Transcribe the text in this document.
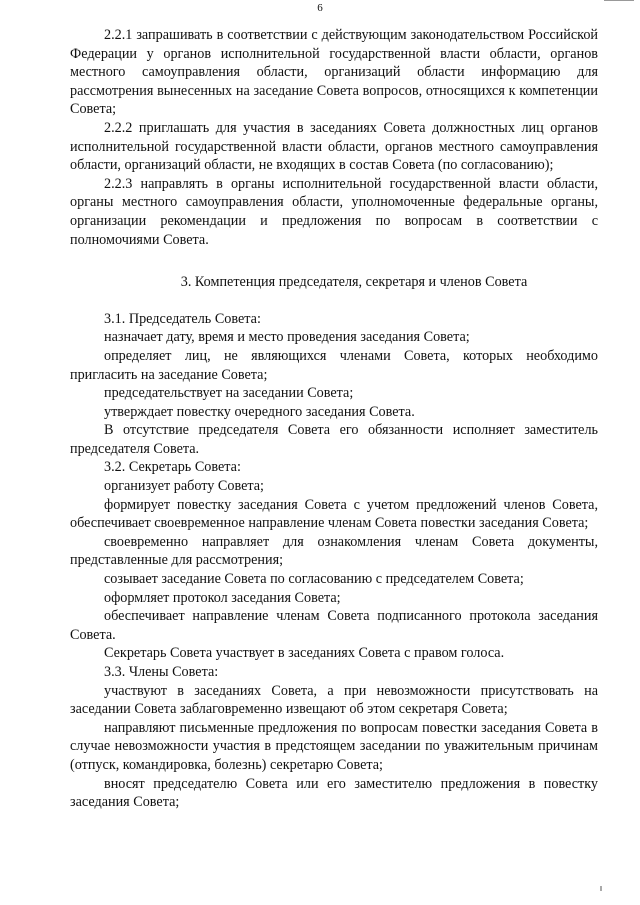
6

2.2.1 запрашивать в соответствии с действующим законодательством Российской Федерации у органов исполнительной государственной власти области, органов местного самоуправления области, организаций области информацию для рассмотрения вынесенных на заседание Совета вопросов, относящихся к компетенции Совета;

2.2.2 приглашать для участия в заседаниях Совета должностных лиц органов исполнительной государственной власти области, органов местного самоуправления области, организаций области, не входящих в состав Совета (по согласованию);

2.2.3 направлять в органы исполнительной государственной власти области, органы местного самоуправления области, уполномоченные федеральные органы, организации рекомендации и предложения по вопросам в соответствии с полномочиями Совета.

3. Компетенция председателя, секретаря и членов Совета

3.1. Председатель Совета:

назначает дату, время и место проведения заседания Совета;

определяет лиц, не являющихся членами Совета, которых необходимо пригласить на заседание Совета;

председательствует на заседании Совета;

утверждает повестку очередного заседания Совета.

В отсутствие председателя Совета его обязанности исполняет заместитель председателя Совета.

3.2. Секретарь Совета:

организует работу Совета;

формирует повестку заседания Совета с учетом предложений членов Совета, обеспечивает своевременное направление членам Совета повестки заседания Совета;

своевременно направляет для ознакомления членам Совета документы, представленные для рассмотрения;

созывает заседание Совета по согласованию с председателем Совета;

оформляет протокол заседания Совета;

обеспечивает направление членам Совета подписанного протокола заседания Совета.

Секретарь Совета участвует в заседаниях Совета с правом голоса.

3.3. Члены Совета:

участвуют в заседаниях Совета, а при невозможности присутствовать на заседании Совета заблаговременно извещают об этом секретаря Совета;

направляют письменные предложения по вопросам повестки заседания Совета в случае невозможности участия в предстоящем заседании по уважительным причинам (отпуск, командировка, болезнь) секретарю Совета;

вносят председателю Совета или его заместителю предложения в повестку заседания Совета;
